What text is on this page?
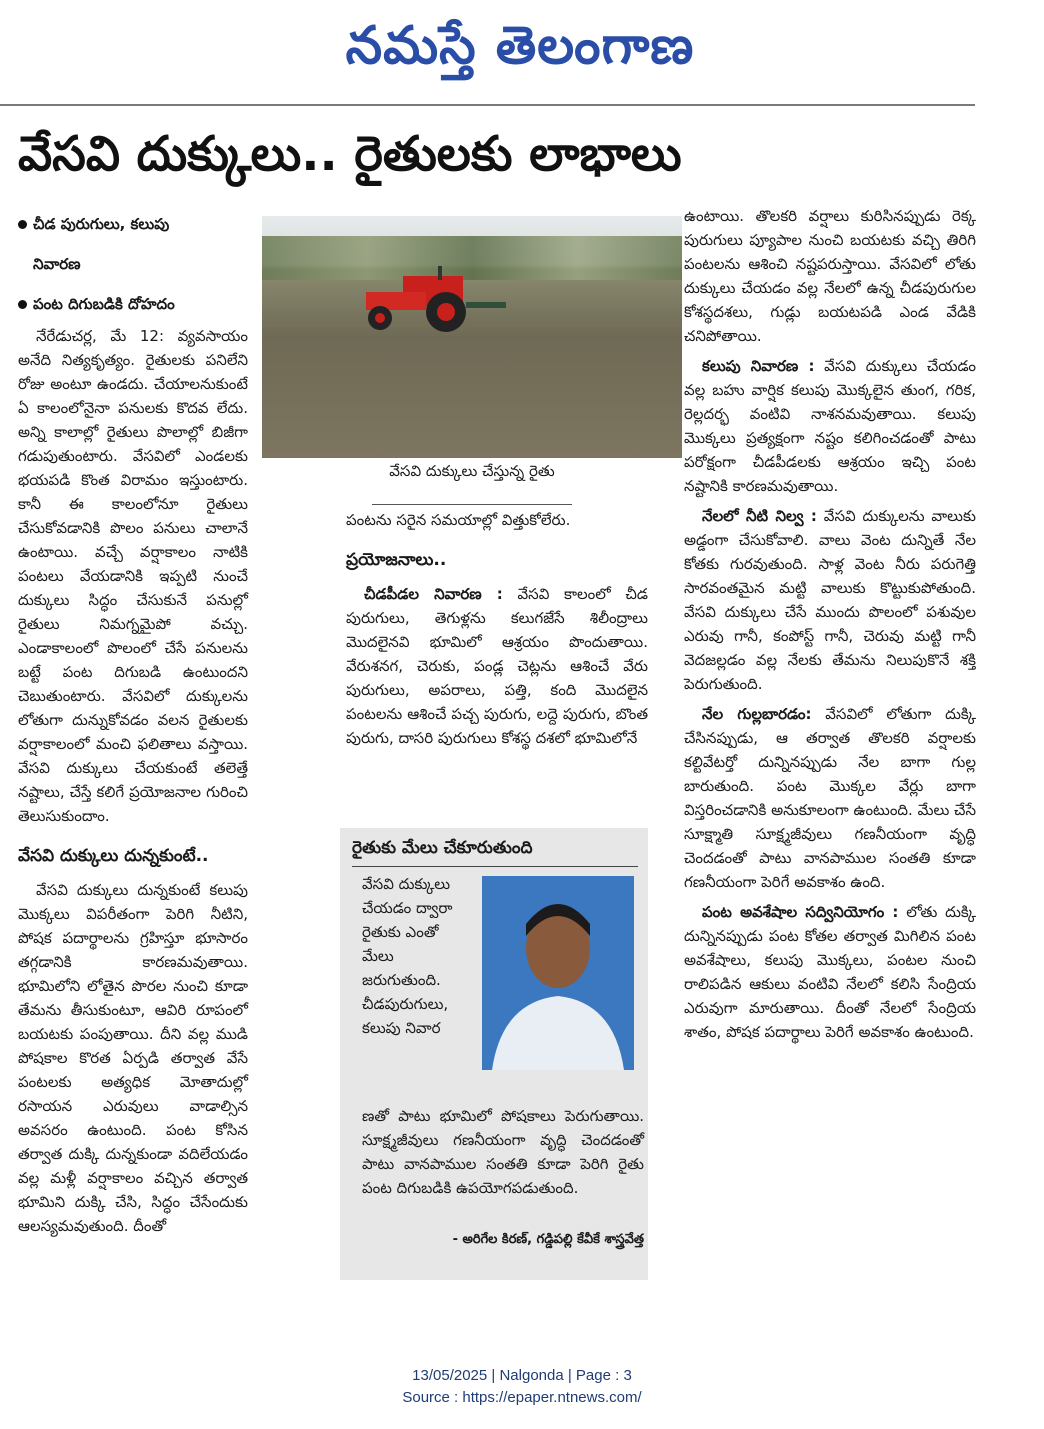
నమస్తే తెలంగాణ
వేసవి దుక్కులు.. రైతులకు లాభాలు
చీడ పురుగులు, కలుపు
నివారణ
పంట దిగుబడికి దోహదం

నేరేడుచర్ల, మే 12: వ్యవసాయం అనేది నిత్యకృత్యం. రైతులకు పనిలేని రోజు అంటూ ఉండదు. చేయాలనుకుంటే ఏ కాలంలోనైనా పనులకు కొదవ లేదు. అన్ని కాలాల్లో రైతులు పొలాల్లో బిజీగా గడుపుతుంటారు. వేసవిలో ఎండలకు భయపడి కొంత విరామం ఇస్తుంటారు. కానీ ఈ కాలంలోనూ రైతులు చేసుకోవడానికి పొలం పనులు చాలానే ఉంటాయి. వచ్చే వర్షాకాలం నాటికి పంటలు వేయడానికి ఇప్పటి నుంచే దుక్కులు సిద్ధం చేసుకునే పనుల్లో రైతులు నిమగ్నమైపో వచ్చు. ఎండాకాలంలో పొలంలో చేసే పనులను బట్టే పంట దిగుబడి ఉంటుందని చెబుతుంటారు. వేసవిలో దుక్కులను లోతుగా దున్నుకోవడం వలన రైతులకు వర్షాకాలంలో మంచి ఫలితాలు వస్తాయి. వేసవి దుక్కులు చేయకుంటే తలెత్తే నష్టాలు, చేస్తే కలిగే ప్రయోజనాల గురించి తెలుసుకుందాం.

వేసవి దుక్కులు దున్నకుంటే..

వేసవి దుక్కులు దున్నకుంటే కలుపు మొక్కలు విపరీతంగా పెరిగి నీటిని, పోషక పదార్థాలను గ్రహిస్తూ భూసారం తగ్గడానికి కారణమవుతాయి. భూమిలోని లోతైన పొరల నుంచి కూడా తేమను తీసుకుంటూ, ఆవిరి రూపంలో బయటకు పంపుతాయి. దీని వల్ల ముడి పోషకాల కొరత ఏర్పడి తర్వాత వేసే పంటలకు అత్యధిక మోతాదుల్లో రసాయన ఎరువులు వాడాల్సిన అవసరం ఉంటుంది. పంట కోసిన తర్వాత దుక్కి దున్నకుండా వదిలేయడం వల్ల మళ్లీ వర్షాకాలం వచ్చిన తర్వాత భూమిని దుక్కి చేసి, సిద్ధం చేసేందుకు ఆలస్యమవుతుంది. దీంతో

వేసవి దుక్కులు చేస్తున్న రైతు

పంటను సరైన సమయాల్లో విత్తుకోలేరు.

ప్రయోజనాలు..

చీడపీడల నివారణ : వేసవి కాలంలో చీడ పురుగులు, తెగుళ్లను కలుగజేసే శిలీంద్రాలు మొదలైనవి భూమిలో ఆశ్రయం పొందుతాయి. వేరుశనగ, చెరుకు, పండ్ల చెట్లను ఆశించే వేరు పురుగులు, అపరాలు, పత్తి, కంది మొదలైన పంటలను ఆశించే పచ్చ పురుగు, లద్దె పురుగు, బొంత పురుగు, దాసరి పురుగులు కోశస్థ దశలో భూమిలోనే

రైతుకు మేలు చేకూరుతుంది
వేసవి దుక్కులు చేయడం ద్వారా రైతుకు ఎంతో మేలు జరుగుతుంది. చీడపురుగులు, కలుపు నివార
ణతో పాటు భూమిలో పోషకాలు పెరుగుతాయి. సూక్ష్మజీవులు గణనీయంగా వృద్ధి చెందడంతో పాటు వానపాముల సంతతి కూడా పెరిగి రైతు పంట దిగుబడికి ఉపయోగపడుతుంది.
- అరిగేల కిరణ్, గడ్డిపల్లి కేవీకే శాస్త్రవేత్త

ఉంటాయి. తొలకరి వర్షాలు కురిసినప్పుడు రెక్క పురుగులు ప్యూపాల నుంచి బయటకు వచ్చి తిరిగి పంటలను ఆశించి నష్టపరుస్తాయి. వేసవిలో లోతు దుక్కులు చేయడం వల్ల నేలలో ఉన్న చీడపురుగుల కోశస్థదశలు, గుడ్లు బయటపడి ఎండ వేడికి చనిపోతాయి.

కలుపు నివారణ : వేసవి దుక్కులు చేయడం వల్ల బహు వార్షిక కలుపు మొక్కలైన తుంగ, గరిక, రెల్లదర్భ వంటివి నాశనమవుతాయి. కలుపు మొక్కలు ప్రత్యక్షంగా నష్టం కలిగించడంతో పాటు పరోక్షంగా చీడపీడలకు ఆశ్రయం ఇచ్చి పంట నష్టానికి కారణమవుతాయి.

నేలలో నీటి నిల్వ : వేసవి దుక్కులను వాలుకు అడ్డంగా చేసుకోవాలి. వాలు వెంట దున్నితే నేల కోతకు గురవుతుంది. సాళ్ల వెంట నీరు పరుగెత్తి సారవంతమైన మట్టి వాలుకు కొట్టుకుపోతుంది. వేసవి దుక్కులు చేసే ముందు పొలంలో పశువుల ఎరువు గానీ, కంపోస్ట్ గానీ, చెరువు మట్టి గానీ వెదజల్లడం వల్ల నేలకు తేమను నిలుపుకొనే శక్తి పెరుగుతుంది.

నేల గుల్లబారడం: వేసవిలో లోతుగా దుక్కి చేసినప్పుడు, ఆ తర్వాత తొలకరి వర్షాలకు కల్టివేటర్తో దున్నినప్పుడు నేల బాగా గుల్ల బారుతుంది. పంట మొక్కల వేర్లు బాగా విస్తరించడానికి అనుకూలంగా ఉంటుంది. మేలు చేసే సూక్ష్మాతి సూక్ష్మజీవులు గణనీయంగా వృద్ధి చెందడంతో పాటు వానపాముల సంతతి కూడా గణనీయంగా పెరిగే అవకాశం ఉంది.

పంట అవశేషాల సద్వినియోగం : లోతు దుక్కి దున్నినప్పుడు పంట కోతల తర్వాత మిగిలిన పంట అవశేషాలు, కలుపు మొక్కలు, పంటల నుంచి రాలిపడిన ఆకులు వంటివి నేలలో కలిసి సేంద్రియ ఎరువుగా మారుతాయి. దీంతో నేలలో సేంద్రియ శాతం, పోషక పదార్థాలు పెరిగే అవకాశం ఉంటుంది.

13/05/2025 | Nalgonda | Page : 3
Source : https://epaper.ntnews.com/
